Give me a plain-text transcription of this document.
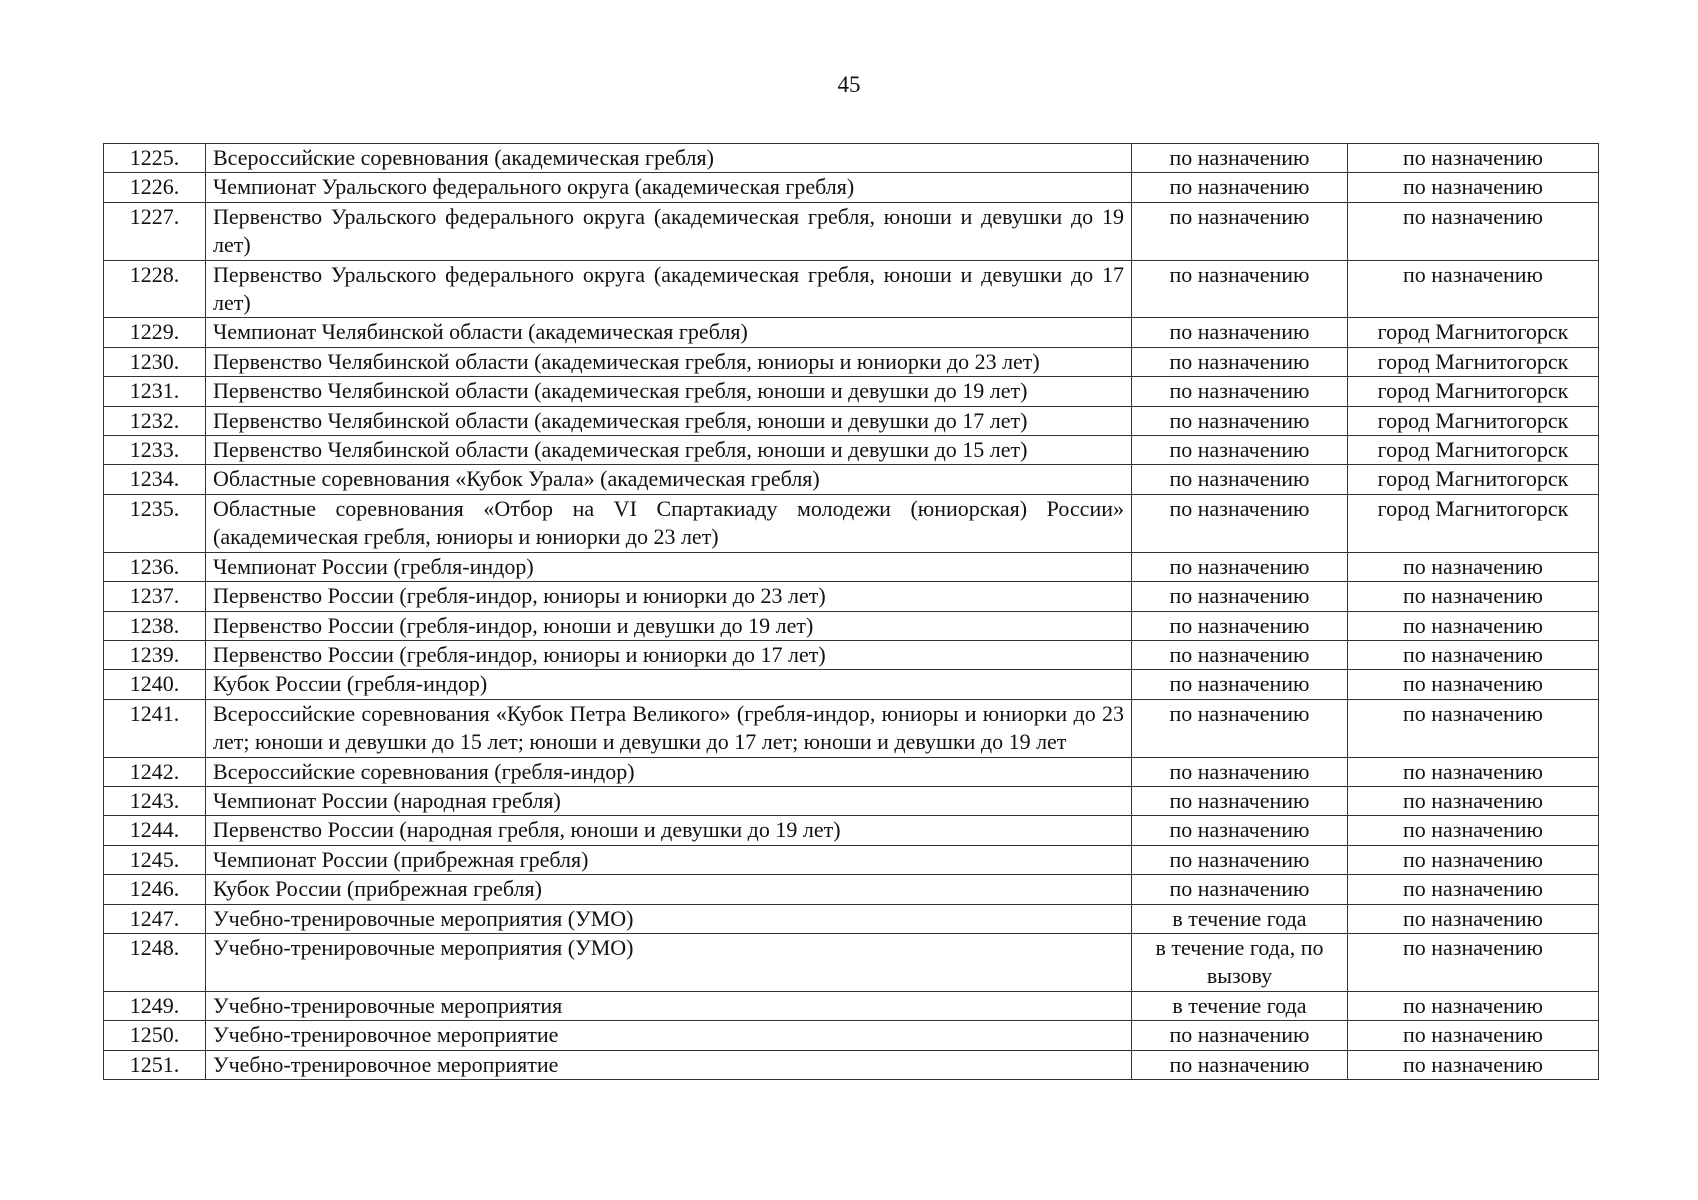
45
1225.	Всероссийские соревнования (академическая гребля)	по назначению	по назначению
1226.	Чемпионат Уральского федерального округа (академическая гребля)	по назначению	по назначению
1227.	Первенство Уральского федерального округа (академическая гребля, юноши и девушки до 19 лет)	по назначению	по назначению
1228.	Первенство Уральского федерального округа (академическая гребля, юноши и девушки до 17 лет)	по назначению	по назначению
1229.	Чемпионат Челябинской области (академическая гребля)	по назначению	город Магнитогорск
1230.	Первенство Челябинской области (академическая гребля, юниоры и юниорки до 23 лет)	по назначению	город Магнитогорск
1231.	Первенство Челябинской области (академическая гребля, юноши и девушки до 19 лет)	по назначению	город Магнитогорск
1232.	Первенство Челябинской области (академическая гребля, юноши и девушки до 17 лет)	по назначению	город Магнитогорск
1233.	Первенство Челябинской области (академическая гребля, юноши и девушки до 15 лет)	по назначению	город Магнитогорск
1234.	Областные соревнования «Кубок Урала» (академическая гребля)	по назначению	город Магнитогорск
1235.	Областные соревнования «Отбор на VI Спартакиаду молодежи (юниорская) России» (академическая гребля, юниоры и юниорки до 23 лет)	по назначению	город Магнитогорск
1236.	Чемпионат России (гребля-индор)	по назначению	по назначению
1237.	Первенство России (гребля-индор, юниоры и юниорки до 23 лет)	по назначению	по назначению
1238.	Первенство России (гребля-индор, юноши и девушки до 19 лет)	по назначению	по назначению
1239.	Первенство России (гребля-индор, юниоры и юниорки до 17 лет)	по назначению	по назначению
1240.	Кубок России (гребля-индор)	по назначению	по назначению
1241.	Всероссийские соревнования «Кубок Петра Великого» (гребля-индор, юниоры и юниорки до 23 лет; юноши и девушки до 15 лет; юноши и девушки до 17 лет; юноши и девушки до 19 лет	по назначению	по назначению
1242.	Всероссийские соревнования (гребля-индор)	по назначению	по назначению
1243.	Чемпионат России (народная гребля)	по назначению	по назначению
1244.	Первенство России (народная гребля, юноши и девушки до 19 лет)	по назначению	по назначению
1245.	Чемпионат России (прибрежная гребля)	по назначению	по назначению
1246.	Кубок России (прибрежная гребля)	по назначению	по назначению
1247.	Учебно-тренировочные мероприятия (УМО)	в течение года	по назначению
1248.	Учебно-тренировочные мероприятия (УМО)	в течение года, по вызову	по назначению
1249.	Учебно-тренировочные мероприятия	в течение года	по назначению
1250.	Учебно-тренировочное мероприятие	по назначению	по назначению
1251.	Учебно-тренировочное мероприятие	по назначению	по назначению
